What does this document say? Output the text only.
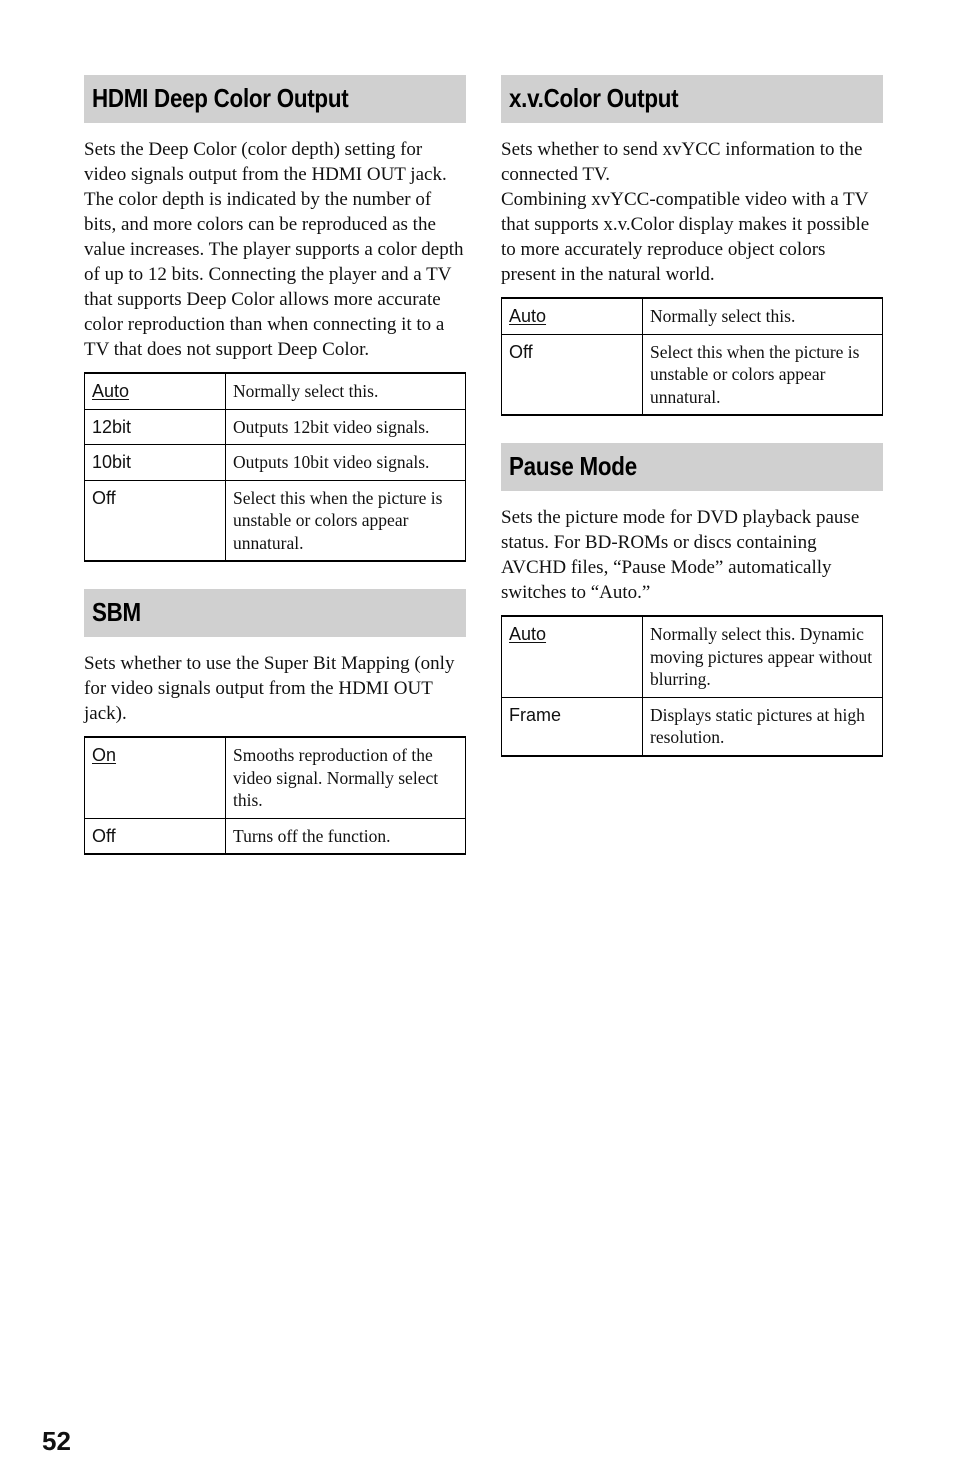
HDMI Deep Color Output

Sets the Deep Color (color depth) setting for video signals output from the HDMI OUT jack.

The color depth is indicated by the number of bits, and more colors can be reproduced as the value increases. The player supports a color depth of up to 12 bits. Connecting the player and a TV that supports Deep Color allows more accurate color reproduction than when connecting it to a TV that does not support Deep Color.

Auto	Normally select this.
12bit	Outputs 12bit video signals.
10bit	Outputs 10bit video signals.
Off	Select this when the picture is unstable or colors appear unnatural.
SBM

Sets whether to use the Super Bit Mapping (only for video signals output from the HDMI OUT jack).

On	Smooths reproduction of the video signal. Normally select this.
Off	Turns off the function.
x.v.Color Output

Sets whether to send xvYCC information to the connected TV.

Combining xvYCC-compatible video with a TV that supports x.v.Color display makes it possible to more accurately reproduce object colors present in the natural world.

Auto	Normally select this.
Off	Select this when the picture is unstable or colors appear unnatural.
Pause Mode

Sets the picture mode for DVD playback pause status. For BD-ROMs or discs containing AVCHD files, “Pause Mode” automatically switches to “Auto.”

Auto	Normally select this. Dynamic moving pictures appear without blurring.
Frame	Displays static pictures at high resolution.
52
